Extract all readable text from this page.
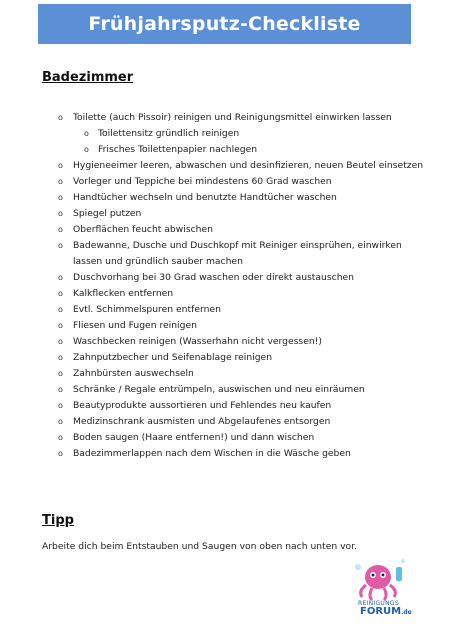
Frühjahrsputz-Checkliste
Badezimmer
o Toilette (auch Pissoir) reinigen und Reinigungsmittel einwirken lassen
o Toilettensitz gründlich reinigen
o Frisches Toilettenpapier nachlegen
o Hygieneeimer leeren, abwaschen und desinfizieren, neuen Beutel einsetzen
o Vorleger und Teppiche bei mindestens 60 Grad waschen
o Handtücher wechseln und benutzte Handtücher waschen
o Spiegel putzen
o Oberflächen feucht abwischen
o Badewanne, Dusche und Duschkopf mit Reiniger einsprühen, einwirken
lassen und gründlich sauber machen
o Duschvorhang bei 30 Grad waschen oder direkt austauschen
o Kalkflecken entfernen
o Evtl. Schimmelspuren entfernen
o Fliesen und Fugen reinigen
o Waschbecken reinigen (Wasserhahn nicht vergessen!)
o Zahnputzbecher und Seifenablage reinigen
o Zahnbürsten auswechseln
o Schränke / Regale entrümpeln, auswischen und neu einräumen
o Beautyprodukte aussortieren und Fehlendes neu kaufen
o Medizinschrank ausmisten und Abgelaufenes entsorgen
o Boden saugen (Haare entfernen!) und dann wischen
o Badezimmerlappen nach dem Wischen in die Wäsche geben
Tipp
Arbeite dich beim Entstauben und Saugen von oben nach unten vor.
REINIGUNGS
FORUM.de
